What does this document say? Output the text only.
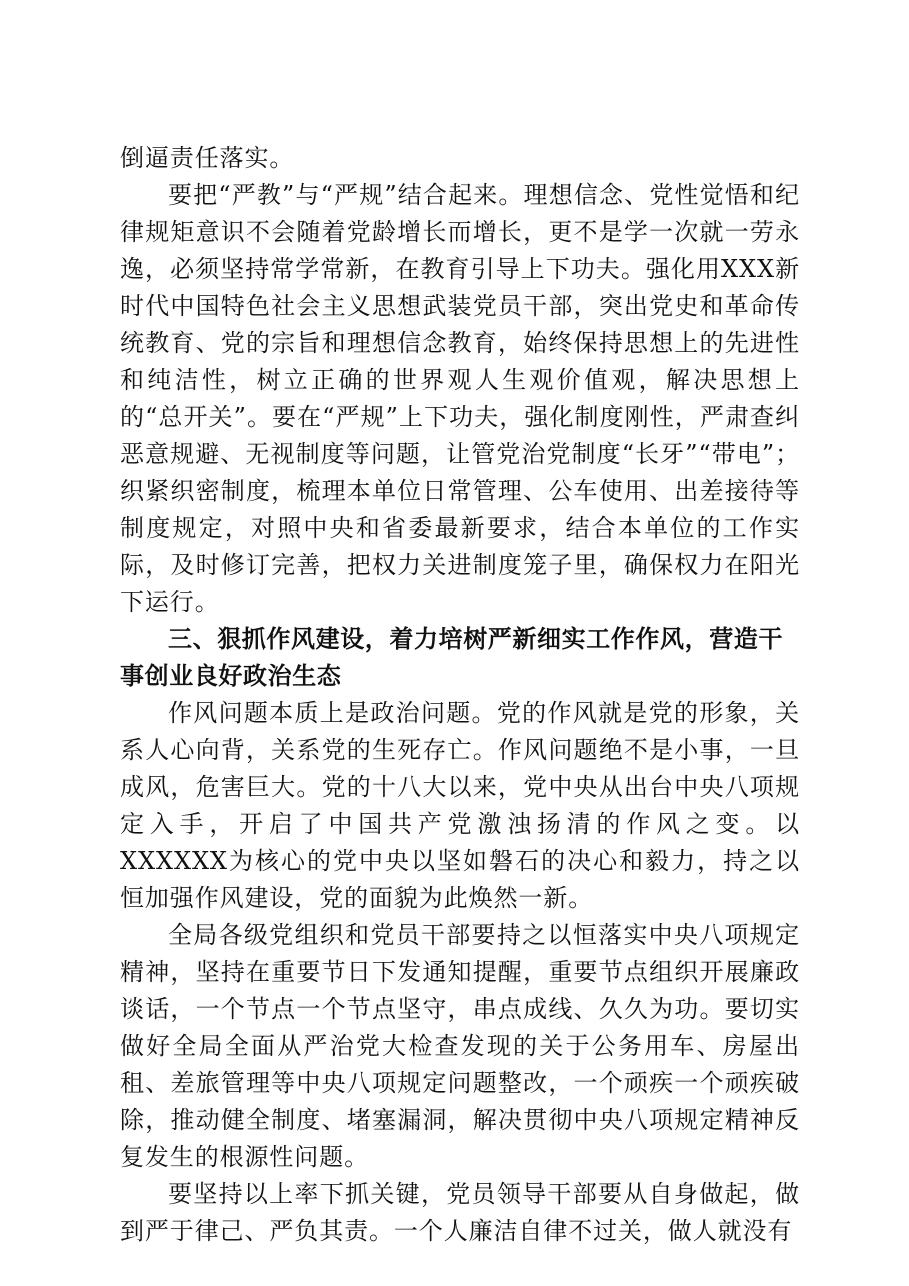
倒逼责任落实。

要把“严教”与“严规”结合起来。理想信念、党性觉悟和纪律规矩意识不会随着党龄增长而增长，更不是学一次就一劳永逸，必须坚持常学常新，在教育引导上下功夫。强化用XXX新时代中国特色社会主义思想武装党员干部，突出党史和革命传统教育、党的宗旨和理想信念教育，始终保持思想上的先进性和纯洁性，树立正确的世界观人生观价值观，解决思想上的“总开关”。要在“严规”上下功夫，强化制度刚性，严肃查纠恶意规避、无视制度等问题，让管党治党制度“长牙”“带电”；织紧织密制度，梳理本单位日常管理、公车使用、出差接待等制度规定，对照中央和省委最新要求，结合本单位的工作实际，及时修订完善，把权力关进制度笼子里，确保权力在阳光下运行。

三、狠抓作风建设，着力培树严新细实工作作风，营造干事创业良好政治生态

作风问题本质上是政治问题。党的作风就是党的形象，关系人心向背，关系党的生死存亡。作风问题绝不是小事，一旦成风，危害巨大。党的十八大以来，党中央从出台中央八项规定入手，开启了中国共产党激浊扬清的作风之变。以XXXXXX为核心的党中央以坚如磐石的决心和毅力，持之以恒加强作风建设，党的面貌为此焕然一新。

全局各级党组织和党员干部要持之以恒落实中央八项规定精神，坚持在重要节日下发通知提醒，重要节点组织开展廉政谈话，一个节点一个节点坚守，串点成线、久久为功。要切实做好全局全面从严治党大检查发现的关于公务用车、房屋出租、差旅管理等中央八项规定问题整改，一个顽疾一个顽疾破除，推动健全制度、堵塞漏洞，解决贯彻中央八项规定精神反复发生的根源性问题。

要坚持以上率下抓关键，党员领导干部要从自身做起，做到严于律己、严负其责。一个人廉洁自律不过关，做人就没有
